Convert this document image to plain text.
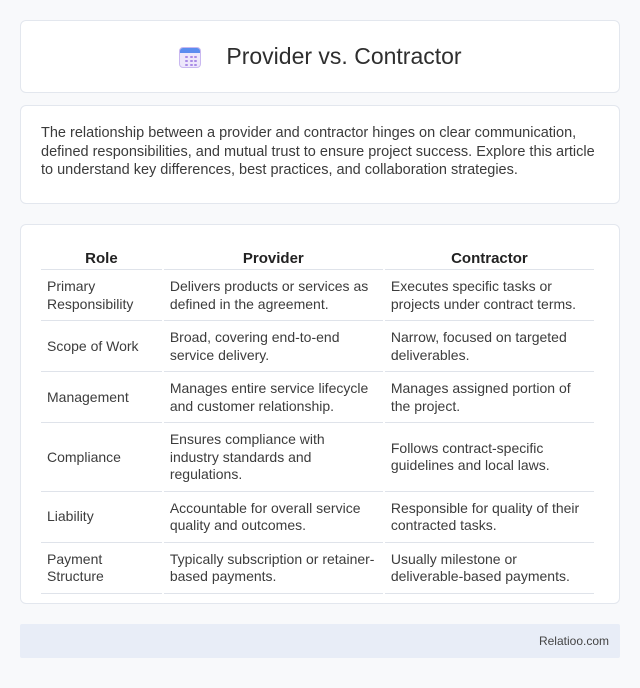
Provider vs. Contractor

The relationship between a provider and contractor hinges on clear communication, defined responsibilities, and mutual trust to ensure project success. Explore this article to understand key differences, best practices, and collaboration strategies.

Role	Provider	Contractor
Primary Responsibility	Delivers products or services as defined in the agreement.	Executes specific tasks or projects under contract terms.
Scope of Work	Broad, covering end-to-end service delivery.	Narrow, focused on targeted deliverables.
Management	Manages entire service lifecycle and customer relationship.	Manages assigned portion of the project.
Compliance	Ensures compliance with industry standards and regulations.	Follows contract-specific guidelines and local laws.
Liability	Accountable for overall service quality and outcomes.	Responsible for quality of their contracted tasks.
Payment Structure	Typically subscription or retainer-based payments.	Usually milestone or deliverable-based payments.
Relatioo.com
